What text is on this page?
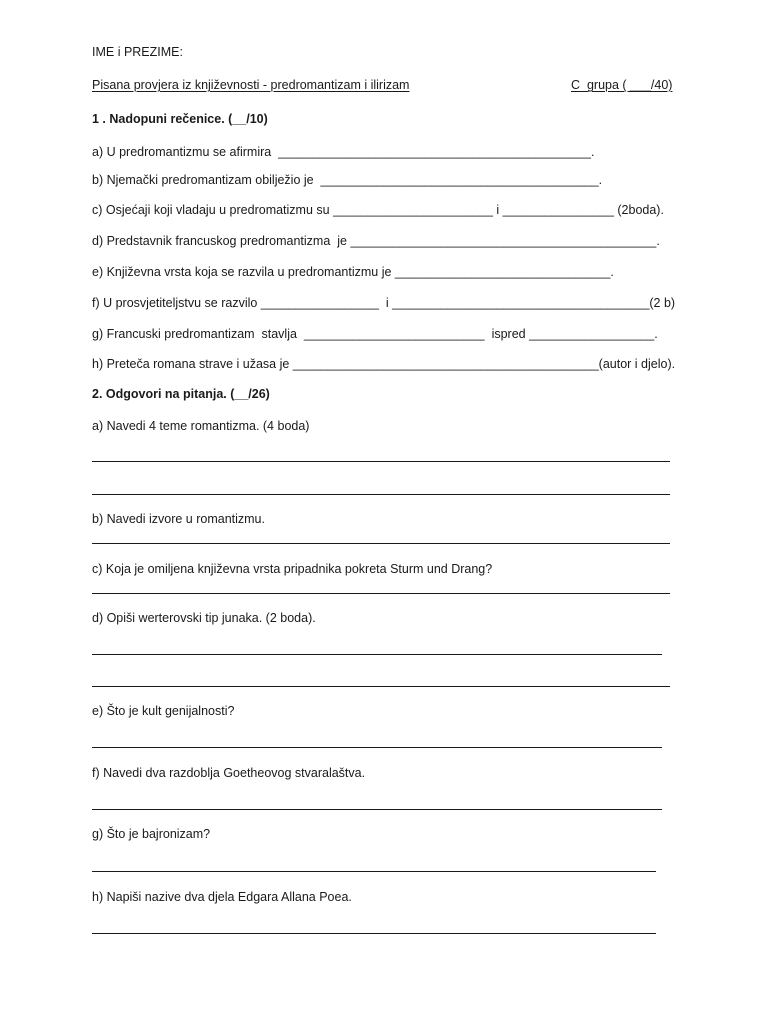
IME i PREZIME:
Pisana provjera iz književnosti - predromantizam i ilirizam	C  grupa ( ___/40)
1 . Nadopuni rečenice. (__/10)
a) U predromantizmu se afirmira  _____________________________________________.
b) Njemački predromantizam obilježio je  ________________________________________.
c) Osjećaji koji vladaju u predromatizmu su _______________________ i ________________ (2boda).
d) Predstavnik francuskog predromantizma  je ____________________________________________.
e) Književna vrsta koja se razvila u predromantizmu je _______________________________.
f) U prosvjetiteljstvu se razvilo _________________  i _____________________________________(2 b)
g) Francuski predromantizam  stavlja  __________________________  ispred __________________.
h) Preteča romana strave i užasa je ____________________________________________(autor i djelo).
2. Odgovori na pitanja. (__/26)
a) Navedi 4 teme romantizma. (4 boda)
b) Navedi izvore u romantizmu.
c) Koja je omiljena književna vrsta pripadnika pokreta Sturm und Drang?
d) Opiši werterovski tip junaka. (2 boda).
e) Što je kult genijalnosti?
f) Navedi dva razdoblja Goetheovog stvaralaštva.
g) Što je bajronizam?
h) Napiši nazive dva djela Edgara Allana Poea.
